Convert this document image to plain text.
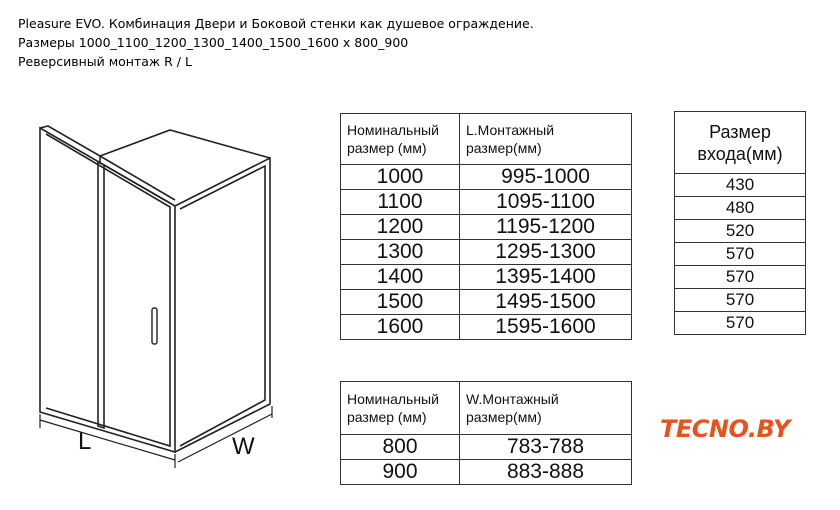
Pleasure EVO. Комбинация Двери и Боковой стенки как душевое ограждение.
Размеры 1000_1100_1200_1300_1400_1500_1600 x 800_900
Реверсивный монтаж R / L
L	W
Номинальный размер (мм)	L.Монтажный размер(мм)
1000	995-1000
1100	1095-1100
1200	1195-1200
1300	1295-1300
1400	1395-1400
1500	1495-1500
1600	1595-1600
Номинальный размер (мм)	W.Монтажный размер(мм)
800	783-788
900	883-888
Размер входа(мм)
430
480
520
570
570
570
570
TECNO.BY
